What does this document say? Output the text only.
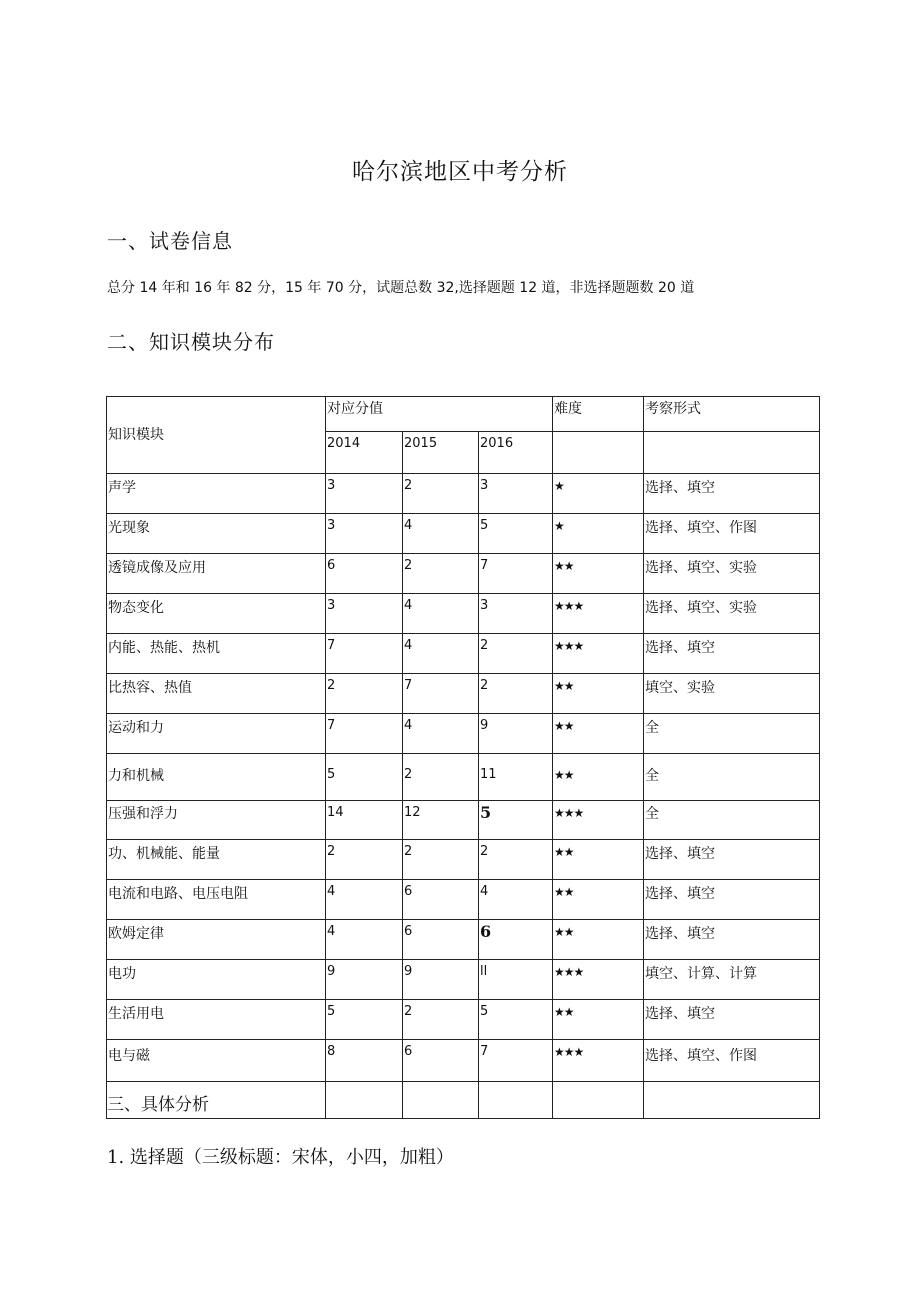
哈尔滨地区中考分析
一、试卷信息
总分 14 年和 16 年 82 分，15 年 70 分，试题总数 32,选择题题 12 道，非选择题题数 20 道
二、知识模块分布
知识模块	对应分值			难度	考察形式
	2014	2015	2016		
声学	3	2	3	★	选择、填空
光现象	3	4	5	★	选择、填空、作图
透镜成像及应用	6	2	7	★★	选择、填空、实验
物态变化	3	4	3	★★★	选择、填空、实验
内能、热能、热机	7	4	2	★★★	选择、填空
比热容、热值	2	7	2	★★	填空、实验
运动和力	7	4	9	★★	全
力和机械	5	2	11	★★	全
压强和浮力	14	12	5	★★★	全
功、机械能、能量	2	2	2	★★	选择、填空
电流和电路、电压电阻	4	6	4	★★	选择、填空
欧姆定律	4	6	6	★★	选择、填空
电功	9	9	ll	★★★	填空、计算、计算
生活用电	5	2	5	★★	选择、填空
电与磁	8	6	7	★★★	选择、填空、作图

三、具体分析
1. 选择题（三级标题：宋体，小四，加粗）
